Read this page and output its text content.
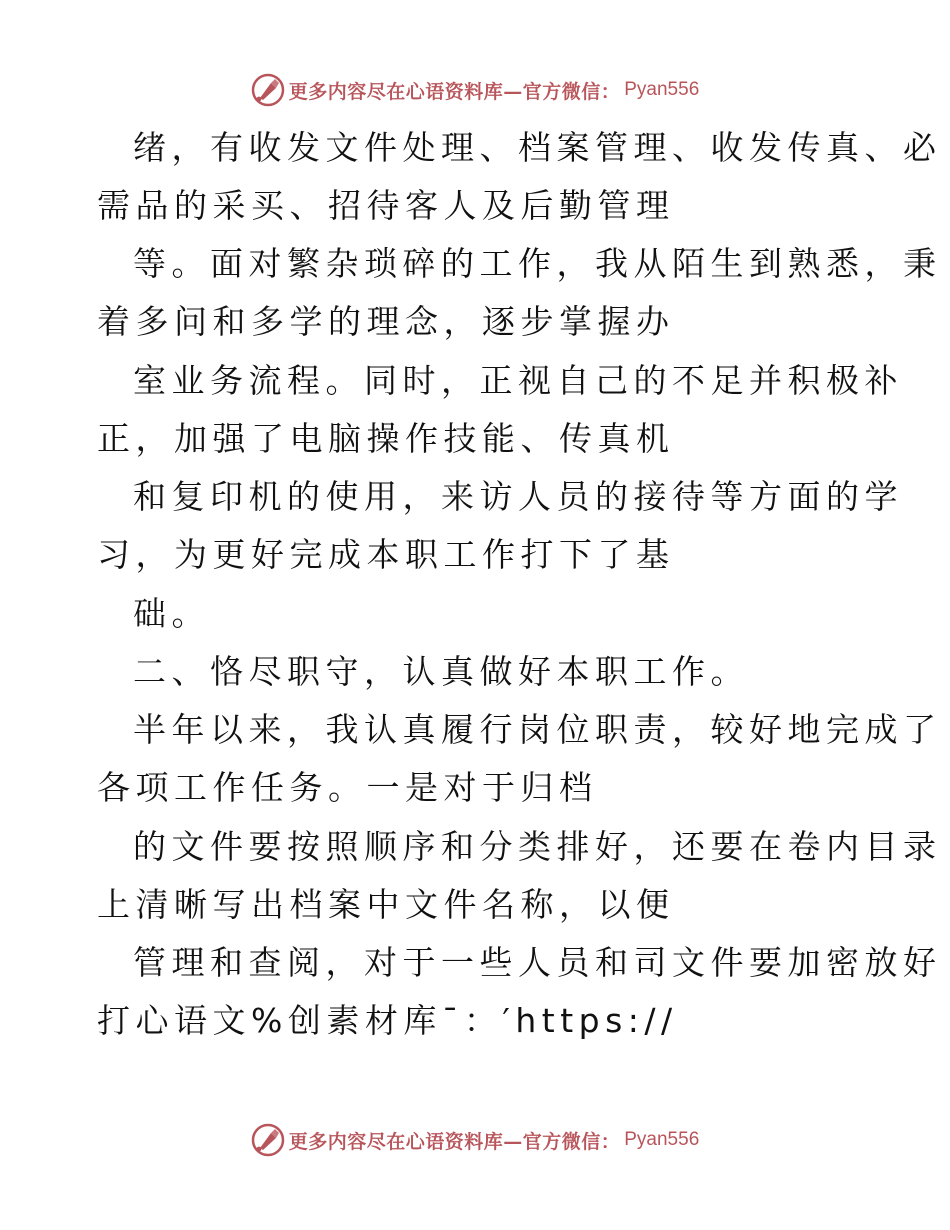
更多内容尽在心语资料库—官方微信： Pyan556
绪，有收发文件处理、档案管理、收发传真、必
需品的采买、招待客人及后勤管理
等。面对繁杂琐碎的工作，我从陌生到熟悉，秉
着多问和多学的理念，逐步掌握办
室业务流程。同时，正视自己的不足并积极补
正，加强了电脑操作技能、传真机
和复印机的使用，来访人员的接待等方面的学
习，为更好完成本职工作打下了基
础。
二、恪尽职守，认真做好本职工作。
半年以来，我认真履行岗位职责，较好地完成了
各项工作任务。一是对于归档
的文件要按照顺序和分类排好，还要在卷内目录
上清晰写出档案中文件名称，以便
管理和查阅，对于一些人员和司文件要加密放好
打心语文%创素材库¯：′https://
更多内容尽在心语资料库—官方微信： Pyan556
